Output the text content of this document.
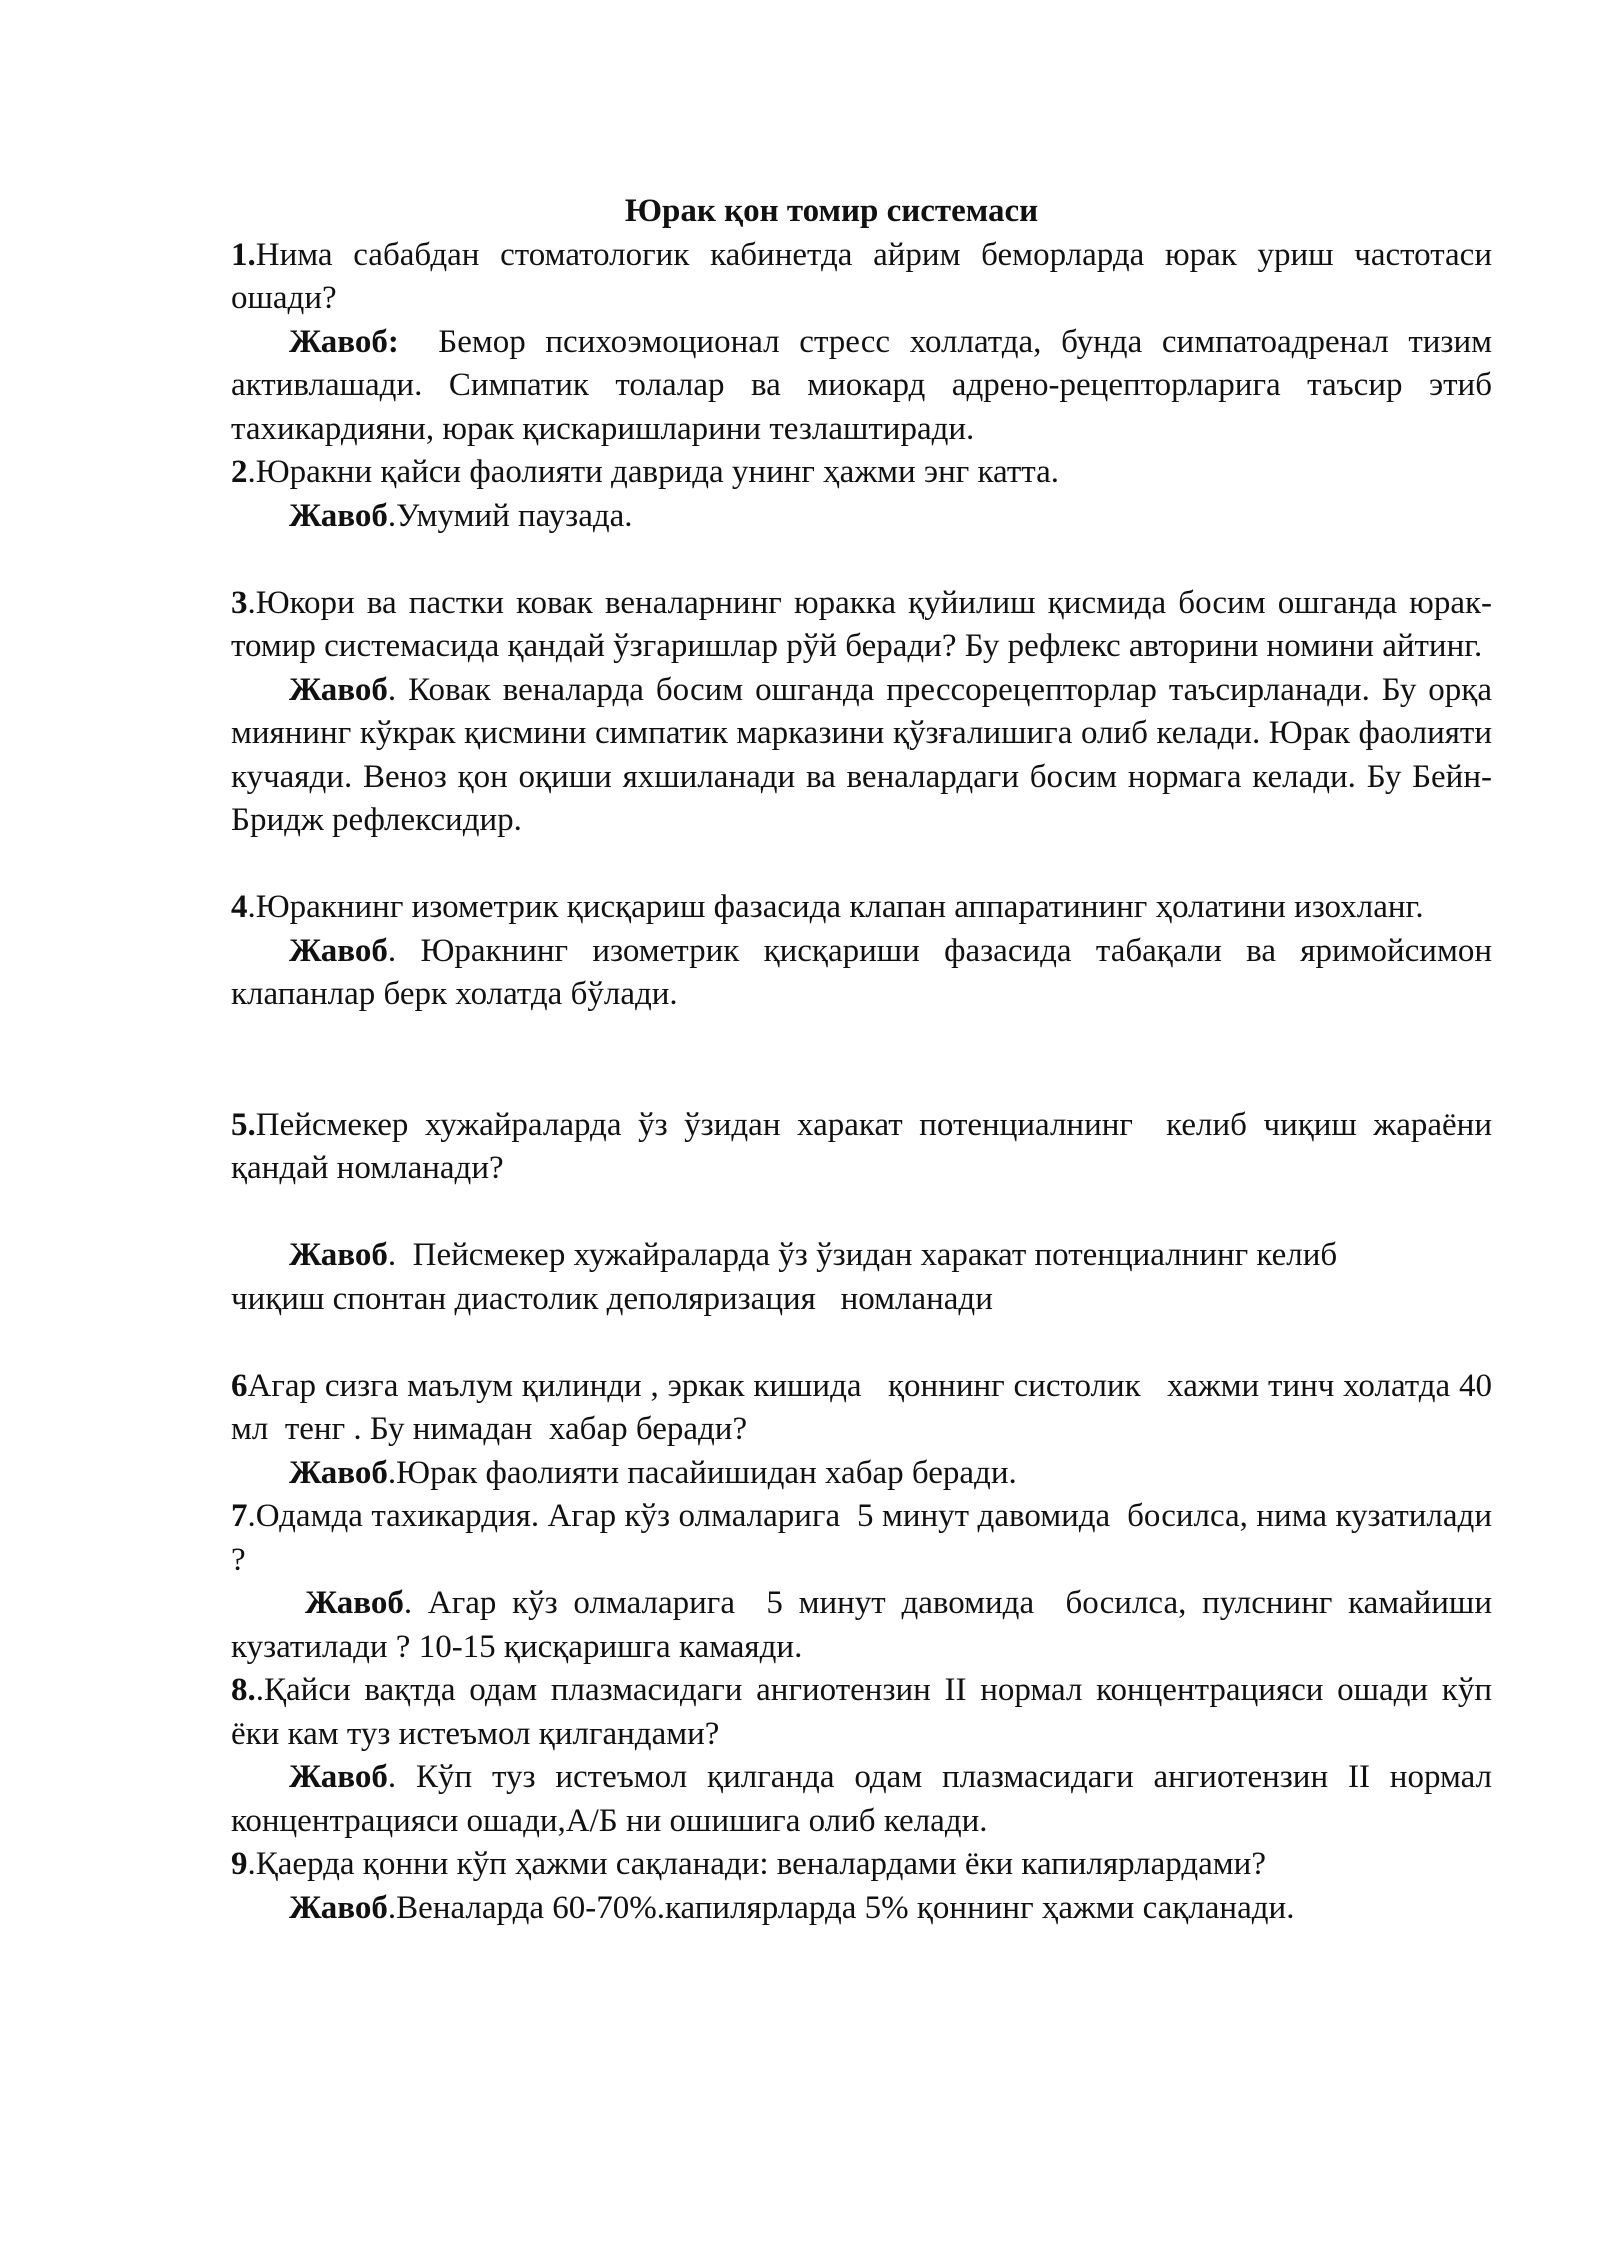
Юрак қон томир системаси

1.Нима сабабдан стоматологик кабинетда айрим беморларда юрак уриш частотаси ошади?

Жавоб:  Бемор психоэмоционал стресс холлатда, бунда симпатоадренал тизим активлашади. Симпатик толалар ва миокард адрено-рецепторларига таъсир этиб тахикардияни, юрак қискаришларини тезлаштиради.

2.Юракни қайси фаолияти даврида унинг ҳажми энг катта.

Жавоб.Умумий паузада.

3.Юкори ва пастки ковак веналарнинг юракка қуйилиш қисмида босим ошганда юрак-томир системасида қандай ўзгаришлар рўй беради? Бу рефлекс авторини номини айтинг.

Жавоб. Ковак веналарда босим ошганда прессорецепторлар таъсирланади. Бу орқа миянинг кўкрак қисмини симпатик марказини қўзғалишига олиб келади. Юрак фаолияти кучаяди. Веноз қон оқиши яхшиланади ва веналардаги босим нормага келади. Бу Бейн-Бридж рефлексидир.

4.Юракнинг изометрик қисқариш фазасида клапан аппаратининг ҳолатини изохланг.

Жавоб. Юракнинг изометрик қисқариши фазасида табақали ва яримойсимон клапанлар берк холатда бўлади.

5.Пейсмекер хужайраларда ўз ўзидан харакат потенциалнинг  келиб чиқиш жараёни  қандай номланади?

Жавоб.  Пейсмекер хужайраларда ўз ўзидан харакат потенциалнинг келиб чиқиш спонтан диастолик деполяризация   номланади

6Агар сизга маълум қилинди , эркак кишида   қоннинг систолик   хажми тинч холатда 40 мл  тенг . Бу нимадан  хабар беради?

Жавоб.Юрак фаолияти пасайишидан хабар беради.

7.Одамда тахикардия. Агар кўз олмаларига  5 минут давомида  босилса, нима кузатилади ?

Жавоб. Агар кўз олмаларига  5 минут давомида  босилса, пулснинг камайиши  кузатилади ? 10-15 қисқаришга камаяди.

8..Қайси вақтда одам плазмасидаги ангиотензин II нормал концентрацияси ошади кўп ёки кам туз истеъмол қилгандами?

Жавоб. Кўп туз истеъмол қилганда одам плазмасидаги ангиотензин II нормал  концентрацияси ошади,А/Б ни ошишига олиб келади.

9.Қаерда қонни кўп ҳажми сақланади: веналардами ёки капилярлардами?

Жавоб.Веналарда 60-70%.капилярларда 5% қоннинг ҳажми сақланади.
